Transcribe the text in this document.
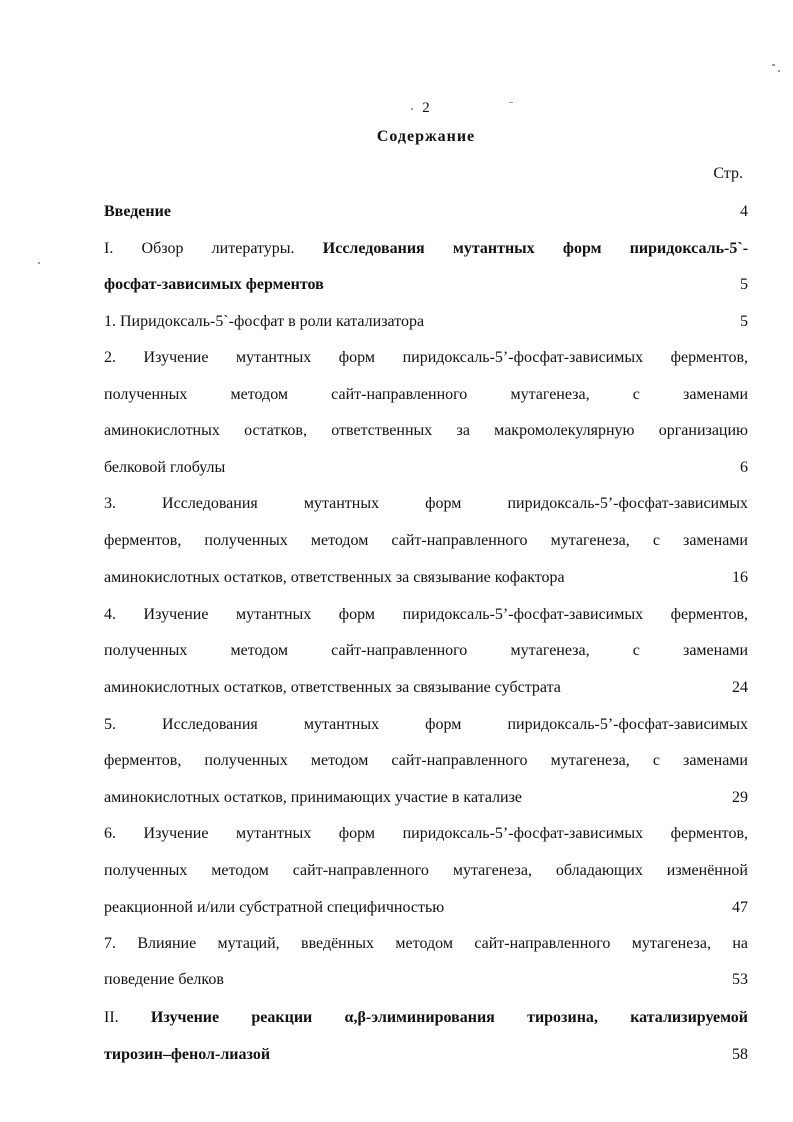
2
Содержание
Стр.
Введение	4
I. Обзор литературы. Исследования мутантных форм пиридоксаль-5`-
фосфат-зависимых ферментов	5
1. Пиридоксаль-5`-фосфат в роли катализатора	5
2. Изучение мутантных форм пиридоксаль-5’-фосфат-зависимых ферментов,
полученных методом сайт-направленного мутагенеза, с заменами
аминокислотных остатков, ответственных за макромолекулярную организацию
белковой глобулы	6
3. Исследования мутантных форм пиридоксаль-5’-фосфат-зависимых
ферментов, полученных методом сайт-направленного мутагенеза, с заменами
аминокислотных остатков, ответственных за связывание кофактора	16
4. Изучение мутантных форм пиридоксаль-5’-фосфат-зависимых ферментов,
полученных методом сайт-направленного мутагенеза, с заменами
аминокислотных остатков, ответственных за связывание субстрата	24
5. Исследования мутантных форм пиридоксаль-5’-фосфат-зависимых
ферментов, полученных методом сайт-направленного мутагенеза, с заменами
аминокислотных остатков, принимающих участие в катализе	29
6. Изучение мутантных форм пиридоксаль-5’-фосфат-зависимых ферментов,
полученных методом сайт-направленного мутагенеза, обладающих изменённой
реакционной и/или субстратной специфичностью	47
7. Влияние мутаций, введённых методом сайт-направленного мутагенеза, на
поведение белков	53
II. Изучение реакции α,β-элиминирования тирозина, катализируемой
тирозин–фенол-лиазой	58
